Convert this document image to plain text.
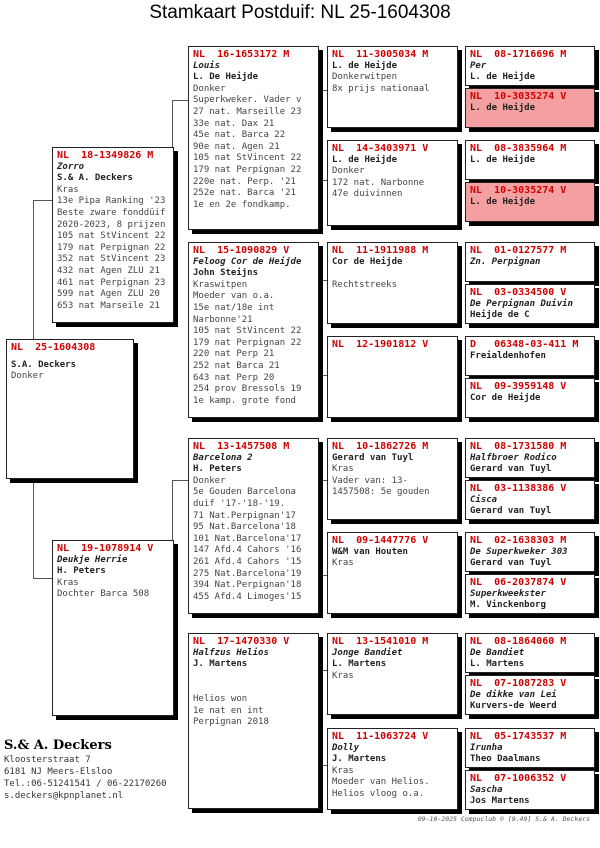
Stamkaart Postduif: NL 25-1604308
NL  25-1604308
S.A. Deckers
Donker
NL  18-1349826 M
Zorro
S.& A. Deckers
Kras
13e Pipa Ranking '23
Beste zware fonddüif
2020-2023, 8 prijzen
105 nat StVincent 22
179 nat Perpignan 22
352 nat StVincent 23
432 nat Agen ZLU 21
461 nat Perpignan 23
599 nat Agen ZLU 20
653 nat Marseile 21
NL  19-1078914 V
Deukje Herrie
H. Peters
Kras
Dochter Barca 508
NL  16-1653172 M
Louis
L. De Heijde
Donker
Superkweker. Vader v
27 nat. Marseille 23
33e nat. Dax 21
45e nat. Barca 22
90e nat. Agen 21
105 nat StVincent 22
179 nat Perpignan 22
220e nat. Perp. '21
252e nat. Barca '21
1e en 2e fondkamp.
NL  15-1090829 V
Feloog Cor de Heijde
John Steijns
Kraswitpen
Moeder van o.a.
15e nat/18e int
Narbonne'21
105 nat StVincent 22
179 nat Perpignan 22
220 nat Perp 21
252 nat Barca 21
643 nat Perp 20
254 prov Bressols 19
1e kamp. grote fond
NL  13-1457508 M
Barcelona 2
H. Peters
Donker
5e Gouden Barcelona
duif '17-'18-'19.
71 Nat.Perpignan'17
95 Nat.Barcelona'18
101 Nat.Barcelona'17
147 Afd.4 Cahors '16
261 Afd.4 Cahors '15
275 Nat.Barcelona'19
394 Nat.Perpignan'18
455 Afd.4 Limoges'15
NL  17-1470330 V
Halfzus Helios
J. Martens

Helios won
1e nat en int
Perpignan 2018
NL  11-3005034 M
L. de Heijde
Donkerwitpen
8x prijs nationaal
NL  14-3403971 V
L. de Heijde
Donker
172 nat. Narbonne
47e duivinnen
NL  11-1911988 M
Cor de Heijde

Rechtstreeks
NL  12-1901812 V
NL  10-1862726 M
Gerard van Tuyl
Kras
Vader van: 13-
1457508: 5e gouden
NL  09-1447776 V
W&M van Houten
Kras
NL  13-1541010 M
Jonge Bandiet
L. Martens
Kras
NL  11-1063724 V
Dolly
J. Martens
Kras
Moeder van Helios.
Helios vloog o.a.
NL  08-1716696 M
Per
L. de Heijde
NL  10-3035274 V
L. de Heijde
NL  08-3835964 M
L. de Heijde
NL  10-3035274 V
L. de Heijde
NL  01-0127577 M
Zn. Perpignan
NL  03-0334500 V
De Perpignan Duivin
Heijde de C
D   06348-03-411 M
Freialdenhofen
NL  09-3959148 V
Cor de Heijde
NL  08-1731580 M
Halfbroer Rodico
Gerard van Tuyl
NL  03-1138386 V
Cisca
Gerard van Tuyl
NL  02-1638303 M
De Superkweker 303
Gerard van Tuyl
NL  06-2037874 V
Superkweekster
M. Vinckenborg
NL  08-1864060 M
De Bandiet
L. Martens
NL  07-1087283 V
De dikke van Lei
Kurvers-de Weerd
NL  05-1743537 M
Irunha
Theo Daalmans
NL  07-1006352 V
Sascha
Jos Martens
S.& A. Deckers
Kloosterstraat 7
6181 NJ Meers-Elsloo
Tel.:06-51241541 / 06-22170260
s.deckers@kpnplanet.nl
09-10-2025 Compuclub © [9.49] S.& A. Deckers
